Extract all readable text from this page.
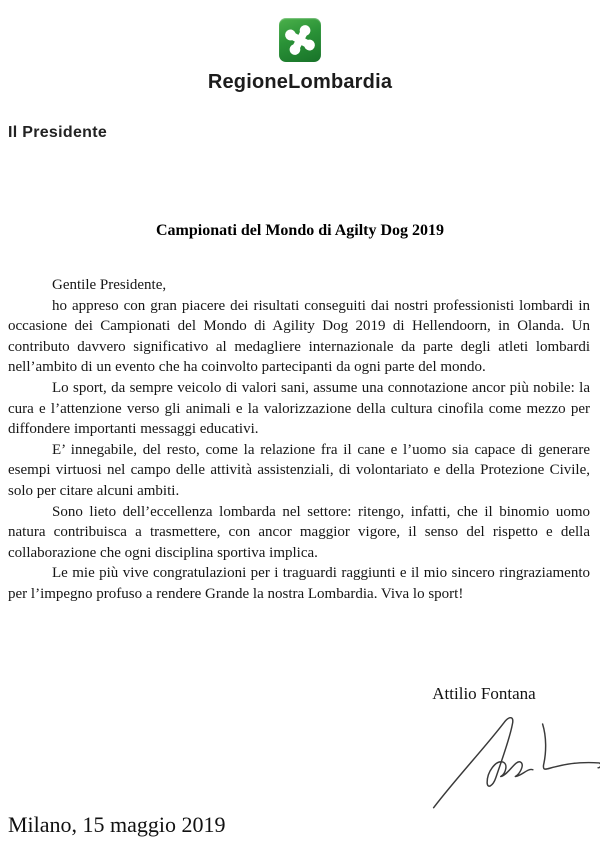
RegioneLombardia
Il Presidente
Campionati del Mondo di Agilty Dog 2019

Gentile Presidente,

ho appreso con gran piacere dei risultati conseguiti dai nostri professionisti lombardi in occasione dei Campionati del Mondo di Agility Dog 2019 di Hellendoorn, in Olanda. Un contributo davvero significativo al medagliere internazionale da parte degli atleti lombardi nell’ambito di un evento che ha coinvolto partecipanti da ogni parte del mondo.

Lo sport, da sempre veicolo di valori sani, assume una connotazione ancor più nobile: la cura e l’attenzione verso gli animali e la valorizzazione della cultura cinofila come mezzo per diffondere importanti messaggi educativi.

E’ innegabile, del resto, come la relazione fra il cane e l’uomo sia capace di generare esempi virtuosi nel campo delle attività assistenziali, di volontariato e della Protezione Civile, solo per citare alcuni ambiti.

Sono lieto dell’eccellenza lombarda nel settore: ritengo, infatti, che il binomio uomo natura contribuisca a trasmettere, con ancor maggior vigore, il senso del rispetto e della collaborazione che ogni disciplina sportiva implica.

Le mie più vive congratulazioni per i traguardi raggiunti e il mio sincero ringraziamento per l’impegno profuso a rendere Grande la nostra Lombardia. Viva lo sport!

Attilio Fontana
Milano, 15 maggio 2019
